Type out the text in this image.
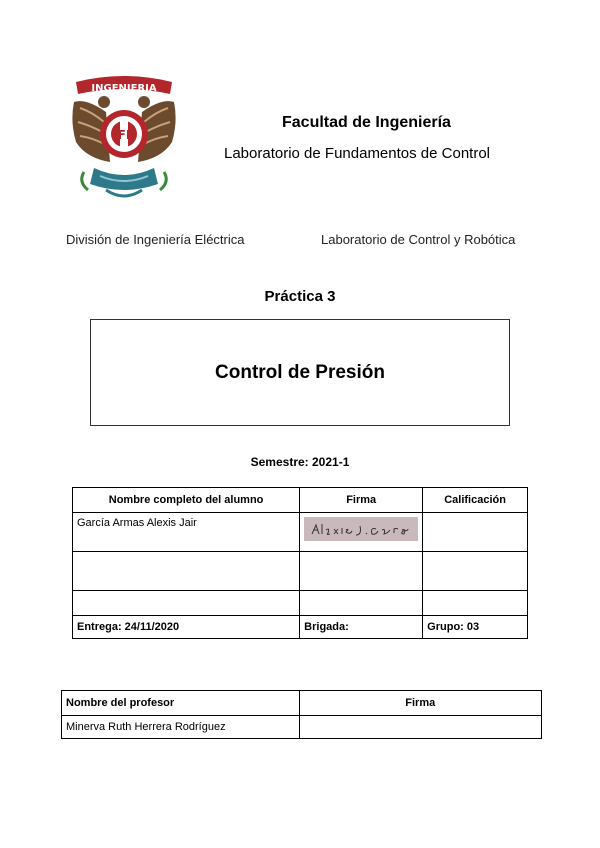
INGENIERIA
FI
Facultad de Ingeniería
Laboratorio de Fundamentos de Control
División de Ingeniería Eléctrica	Laboratorio de Control y Robótica
Práctica 3
Control de Presión
Semestre: 2021-1
Nombre completo del alumno	Firma	Calificación
García Armas Alexis Jair	

Entrega: 24/11/2020	Brigada:	Grupo: 03
Nombre del profesor	Firma
Minerva Ruth Herrera Rodríguez	
